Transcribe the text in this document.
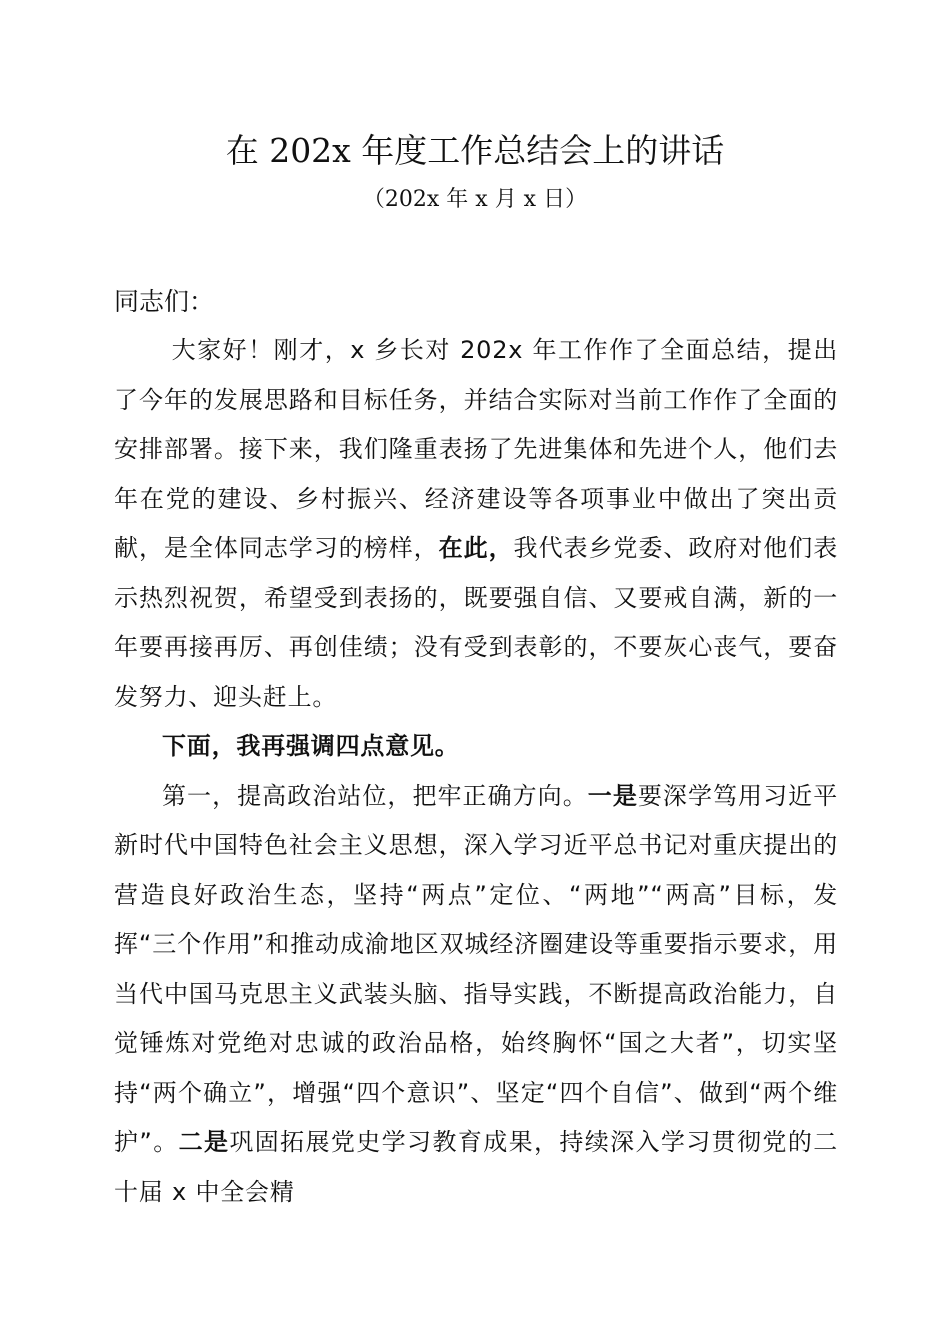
在 202x 年度工作总结会上的讲话
（202x 年 x 月 x 日）
同志们：

大家好！刚才，x 乡长对 202x 年工作作了全面总结，提出了今年的发展思路和目标任务，并结合实际对当前工作作了全面的安排部署。接下来，我们隆重表扬了先进集体和先进个人，他们去年在党的建设、乡村振兴、经济建设等各项事业中做出了突出贡献，是全体同志学习的榜样，在此，我代表乡党委、政府对他们表示热烈祝贺，希望受到表扬的，既要强自信、又要戒自满，新的一年要再接再厉、再创佳绩；没有受到表彰的，不要灰心丧气，要奋发努力、迎头赶上。

下面，我再强调四点意见。

第一，提高政治站位，把牢正确方向。一是要深学笃用习近平新时代中国特色社会主义思想，深入学习近平总书记对重庆提出的营造良好政治生态，坚持“两点”定位、“两地”“两高”目标，发挥“三个作用”和推动成渝地区双城经济圈建设等重要指示要求，用当代中国马克思主义武装头脑、指导实践，不断提高政治能力，自觉锤炼对党绝对忠诚的政治品格，始终胸怀“国之大者”，切实坚持“两个确立”，增强“四个意识”、坚定“四个自信”、做到“两个维护”。二是巩固拓展党史学习教育成果，持续深入学习贯彻党的二十届 x 中全会精
